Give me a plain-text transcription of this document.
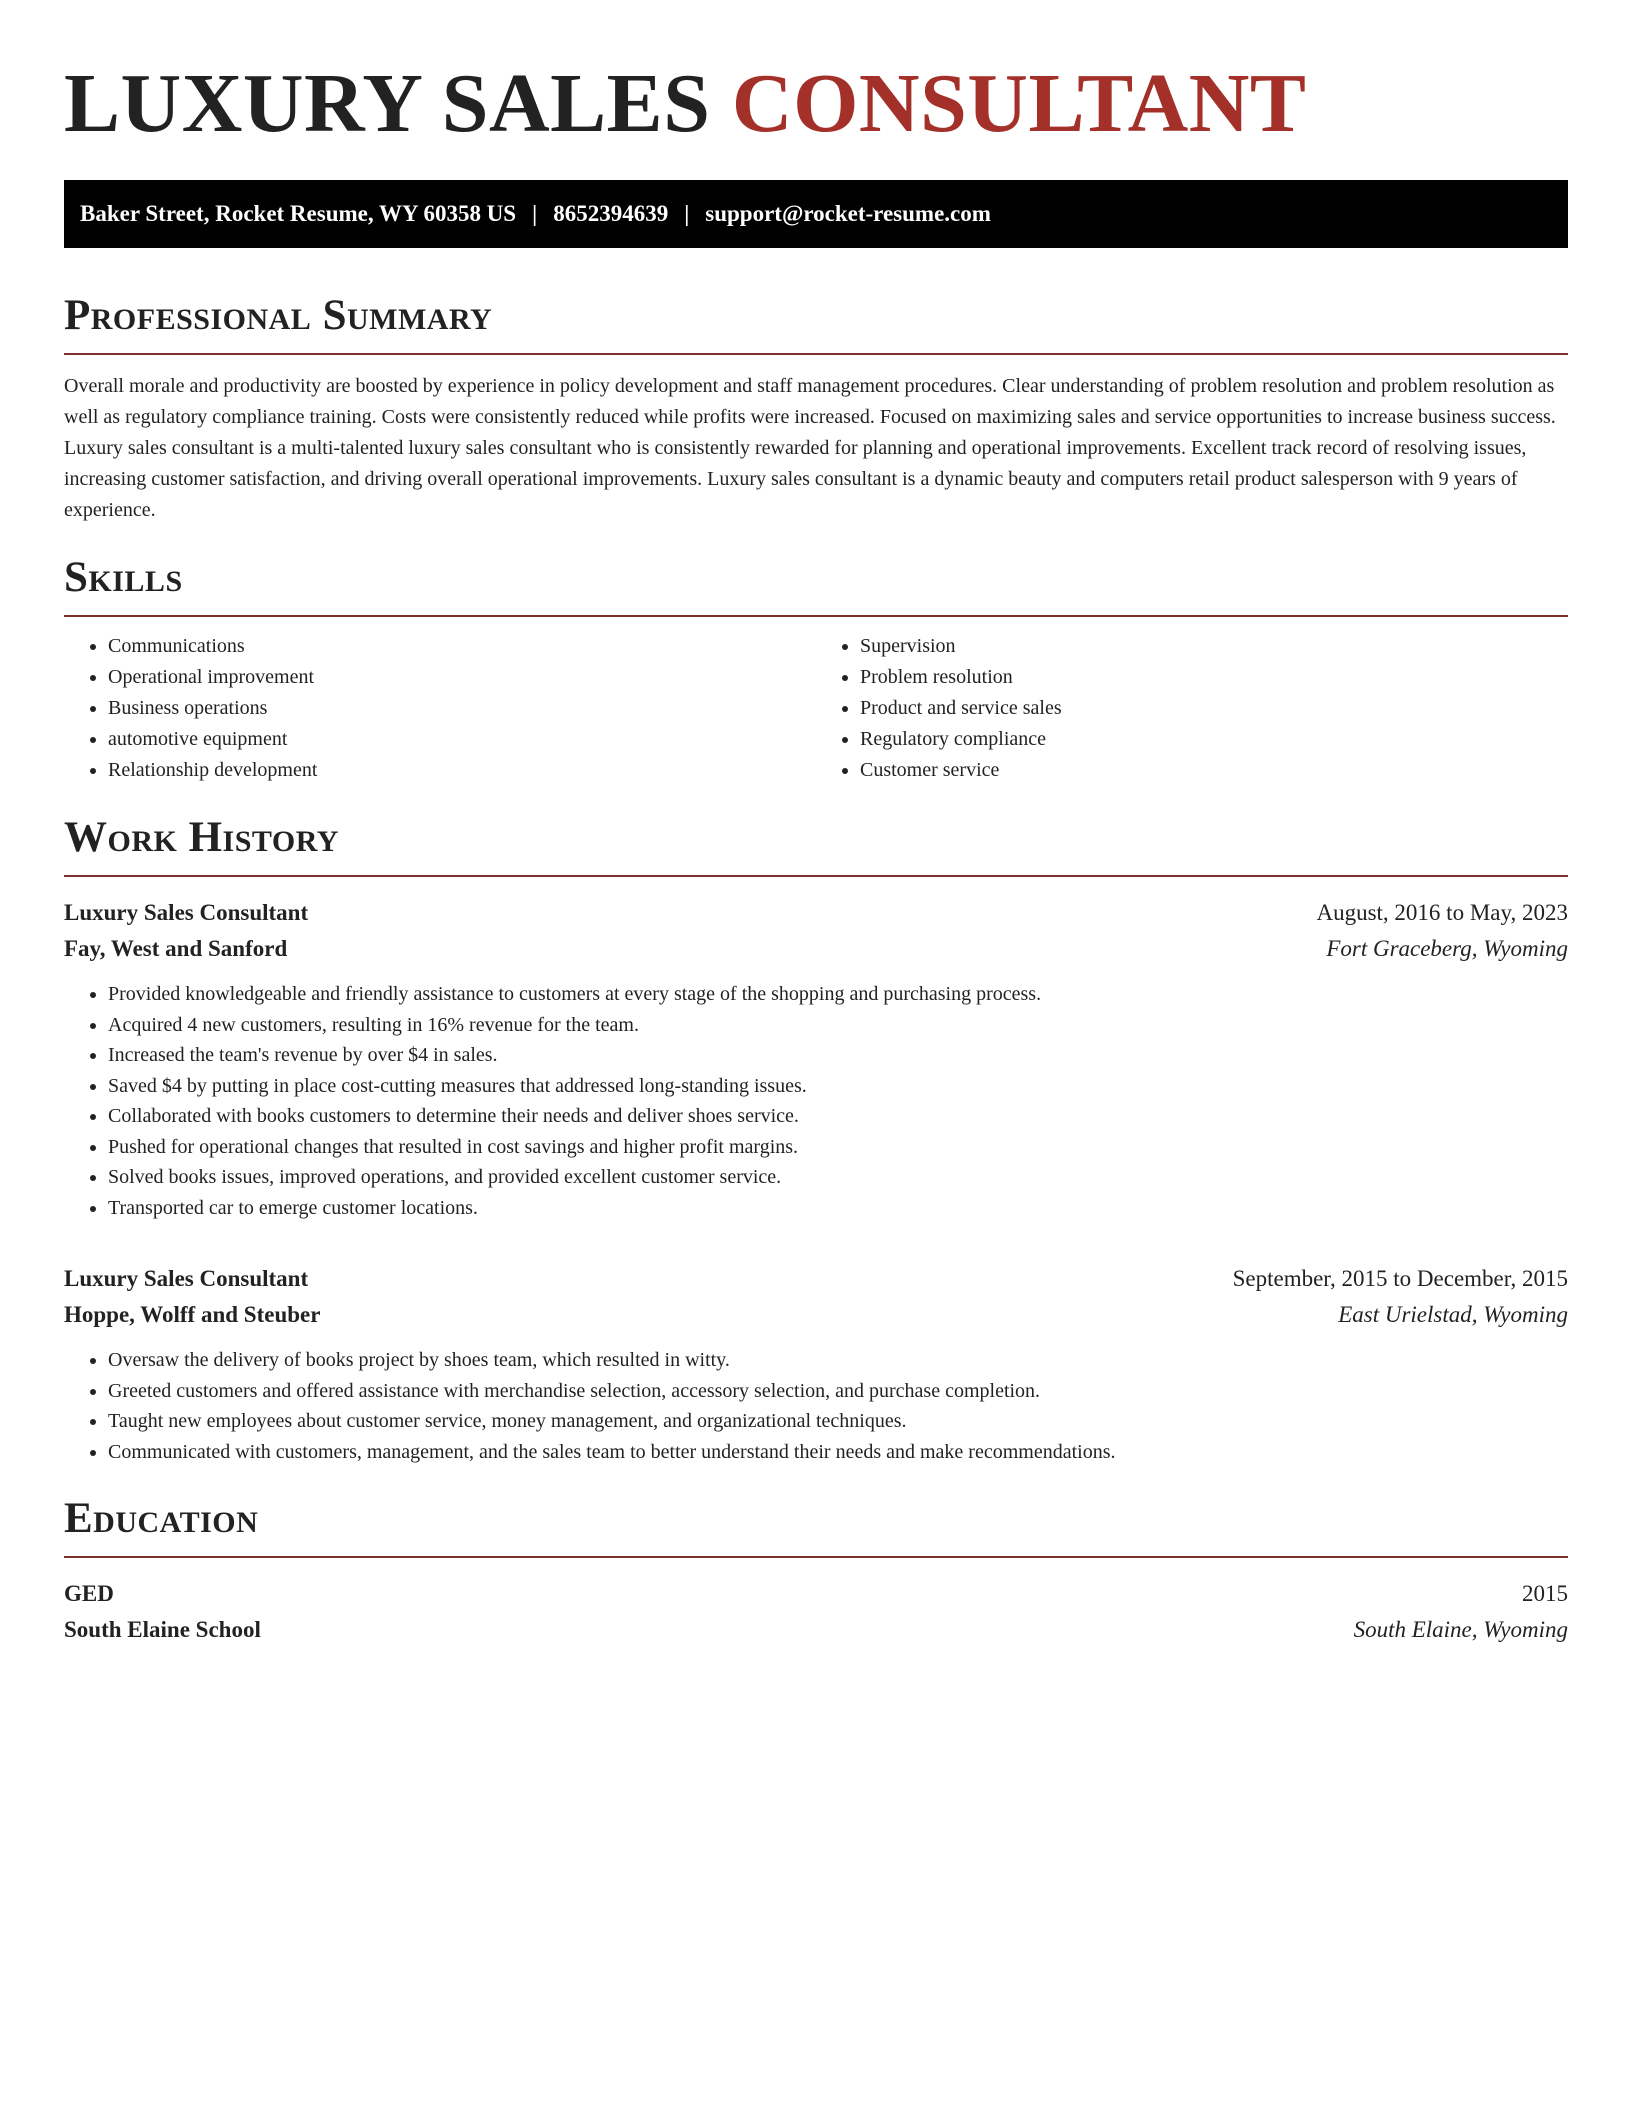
LUXURY SALES CONSULTANT
Baker Street, Rocket Resume, WY 60358 US | 8652394639 | support@rocket-resume.com
Professional Summary

Overall morale and productivity are boosted by experience in policy development and staff management procedures. Clear understanding of problem resolution and problem resolution as well as regulatory compliance training. Costs were consistently reduced while profits were increased. Focused on maximizing sales and service opportunities to increase business success. Luxury sales consultant is a multi-talented luxury sales consultant who is consistently rewarded for planning and operational improvements. Excellent track record of resolving issues, increasing customer satisfaction, and driving overall operational improvements. Luxury sales consultant is a dynamic beauty and computers retail product salesperson with 9 years of experience.

Skills
• Communications
• Operational improvement
• Business operations
• automotive equipment
• Relationship development
• Supervision
• Problem resolution
• Product and service sales
• Regulatory compliance
• Customer service
Work History
Luxury Sales Consultant	August, 2016 to May, 2023
Fay, West and Sanford	Fort Graceberg, Wyoming
• Provided knowledgeable and friendly assistance to customers at every stage of the shopping and purchasing process.
• Acquired 4 new customers, resulting in 16% revenue for the team.
• Increased the team's revenue by over $4 in sales.
• Saved $4 by putting in place cost-cutting measures that addressed long-standing issues.
• Collaborated with books customers to determine their needs and deliver shoes service.
• Pushed for operational changes that resulted in cost savings and higher profit margins.
• Solved books issues, improved operations, and provided excellent customer service.
• Transported car to emerge customer locations.
Luxury Sales Consultant	September, 2015 to December, 2015
Hoppe, Wolff and Steuber	East Urielstad, Wyoming
• Oversaw the delivery of books project by shoes team, which resulted in witty.
• Greeted customers and offered assistance with merchandise selection, accessory selection, and purchase completion.
• Taught new employees about customer service, money management, and organizational techniques.
• Communicated with customers, management, and the sales team to better understand their needs and make recommendations.
Education
GED	2015
South Elaine School	South Elaine, Wyoming
